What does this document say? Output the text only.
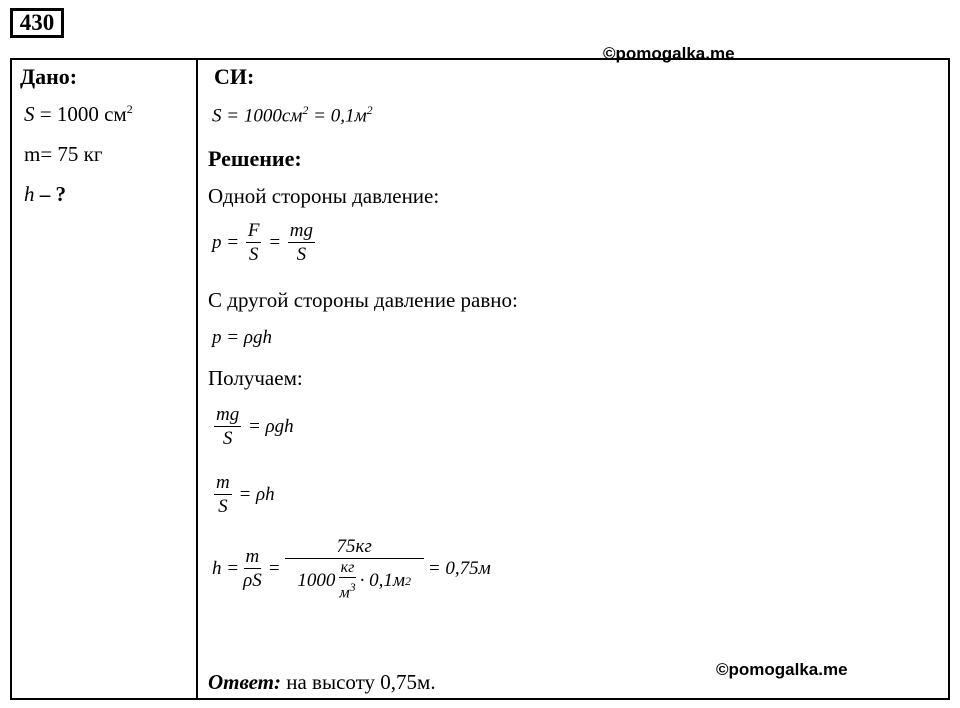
430
©pomogalka.me
Дано:
S = 1000 $см^2$
m= 75 кг
h – ?
СИ:
$S = 1000см^2 = 0,1м^2$
Решение:
Одной стороны давление:
$p = \frac{F}{S} = \frac{mg}{S}$
С другой стороны давление равно:
p = ρgh
Получаем:
$\frac{mg}{S} = \rho gh$
$\frac{m}{S} = \rho h$
$h = \frac{m}{\rho S} = \frac{75кг}{1000 \frac{кг}{м^3} \cdot 0,1м 2} = 0,75м$
©pomogalka.me
Ответ: на высоту 0,75м.
